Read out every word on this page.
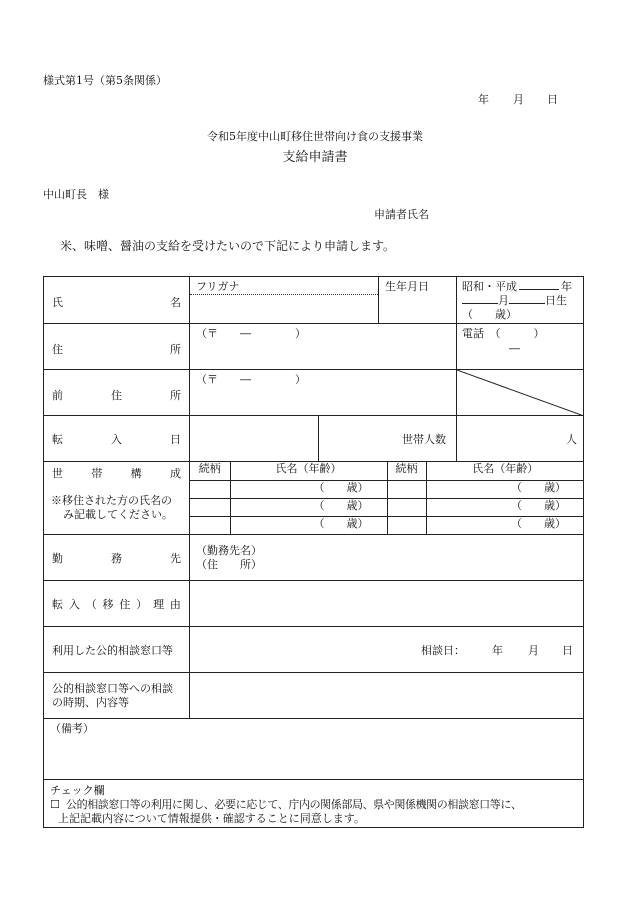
様式第1号（第5条関係）
年 月 日
令和5年度中山町移住世帯向け食の支援事業
支給申請書
中山町長　様
申請者氏名
米、味噌、醤油の支給を受けたいので下記により申請します。
氏	名

フリガナ	生年月日	昭和・平成	年
月	日生
（　　歳）

住	所

（〒　　―　　　　）	電話　（　　　）
―

前	住	所

（〒　　―　　　　）

転	入	日		世帯人数	人

世	帯	構	成
※移住された方の氏名の
み記載してください。

続柄	氏名（年齢）	続柄	氏名（年齢）
	（　　歳）		（　　歳）
	（　　歳）		（　　歳）
	（　　歳）		（　　歳）

勤	務	先

（勤務先名）
（住　　所）

転 入 （ 移 住 ） 理 由

利用した公的相談窓口等	相談日： 年 月 日

公的相談窓口等への相談
の時期、内容等

（備考）

チェック欄
☐ 公的相談窓口等の利用に関し、必要に応じて、庁内の関係部局、県や関係機関の相談窓口等に、
上記記載内容について情報提供・確認することに同意します。
